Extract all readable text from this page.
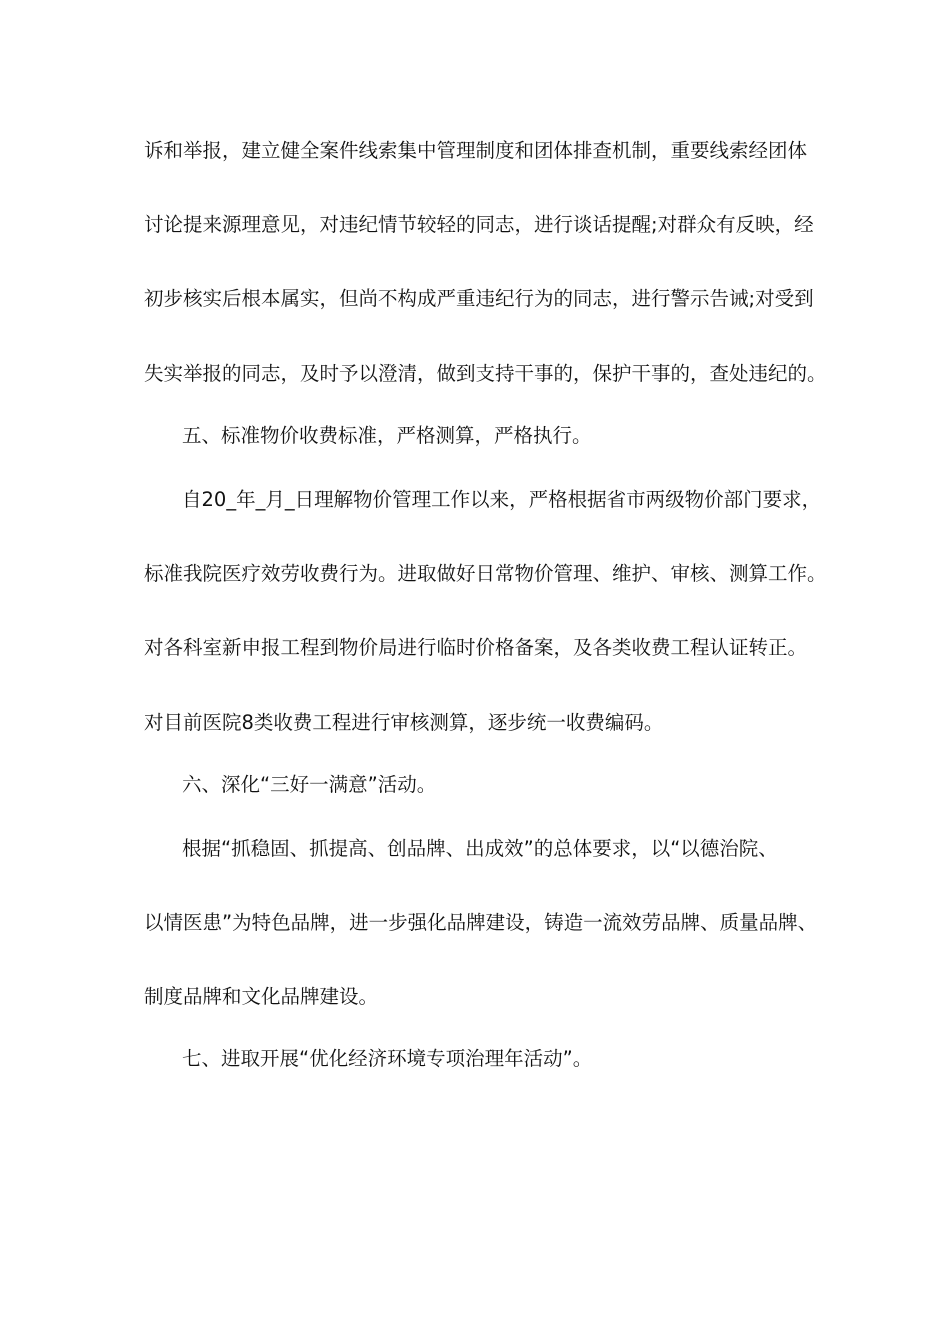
诉和举报，建立健全案件线索集中管理制度和团体排查机制，重要线索经团体
讨论提来源理意见，对违纪情节较轻的同志，进行谈话提醒;对群众有反映，经
初步核实后根本属实，但尚不构成严重违纪行为的同志，进行警示告诫;对受到
失实举报的同志，及时予以澄清，做到支持干事的，保护干事的，查处违纪的。
五、标准物价收费标准，严格测算，严格执行。
自20_年_月_日理解物价管理工作以来，严格根据省市两级物价部门要求，
标准我院医疗效劳收费行为。进取做好日常物价管理、维护、审核、测算工作。
对各科室新申报工程到物价局进行临时价格备案，及各类收费工程认证转正。
对目前医院8类收费工程进行审核测算，逐步统一收费编码。
六、深化“三好一满意”活动。
根据“抓稳固、抓提高、创品牌、出成效”的总体要求，以“以德治院、
以情医患”为特色品牌，进一步强化品牌建设，铸造一流效劳品牌、质量品牌、
制度品牌和文化品牌建设。
七、进取开展“优化经济环境专项治理年活动”。
